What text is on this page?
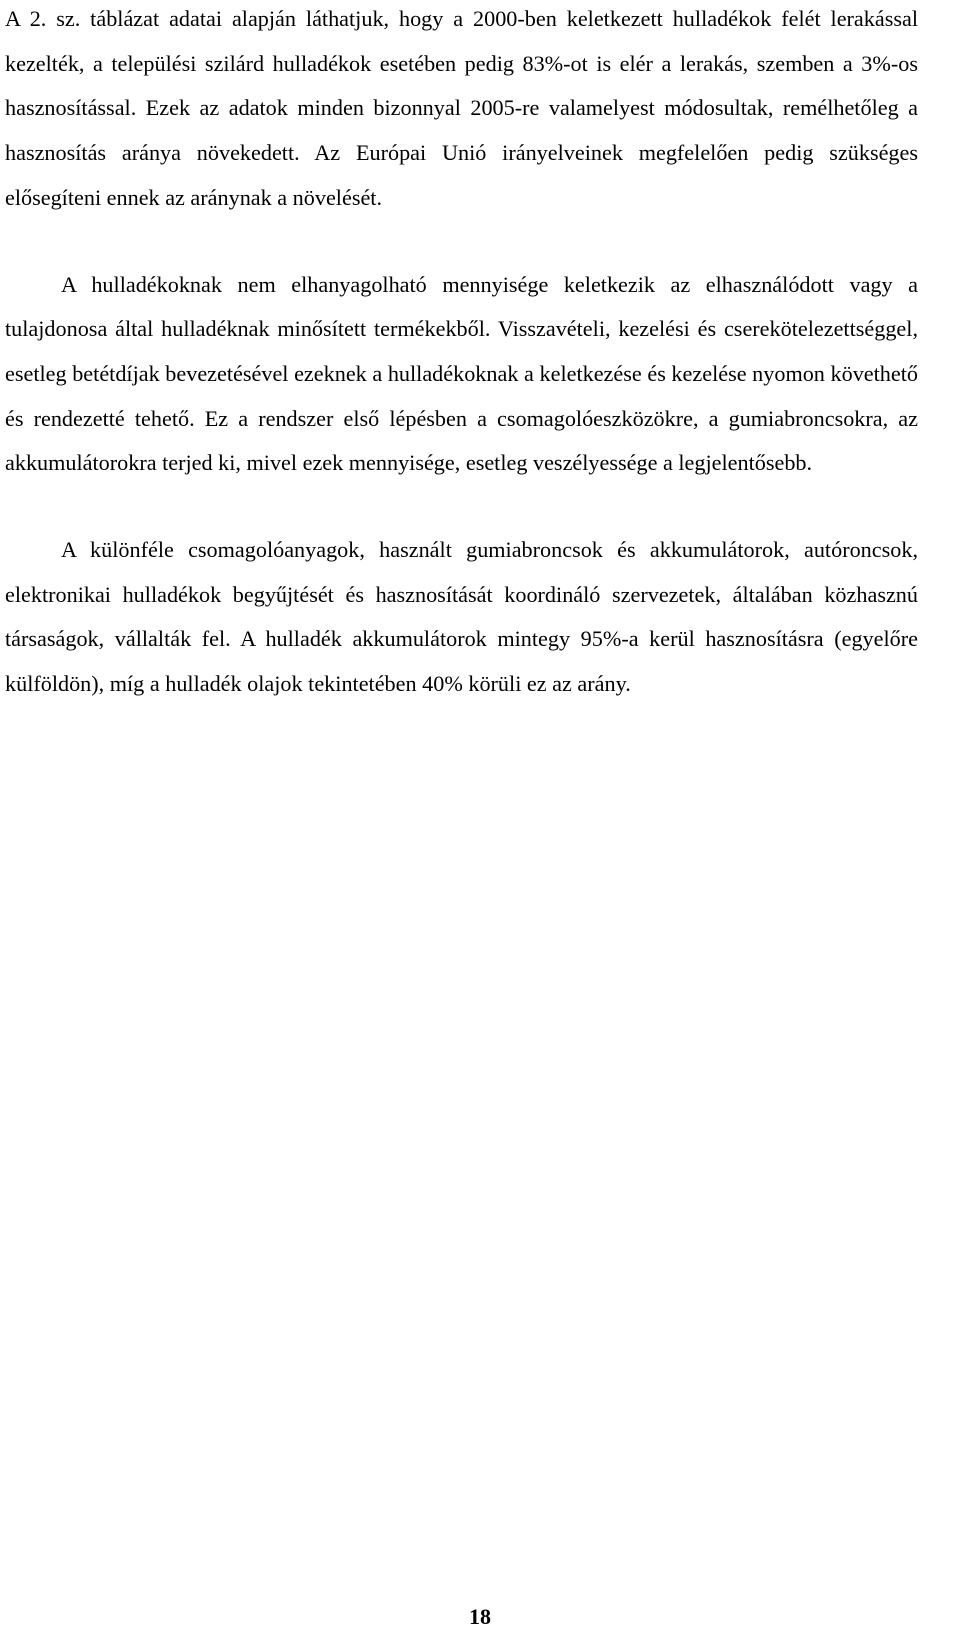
A 2. sz. táblázat adatai alapján láthatjuk, hogy a 2000-ben keletkezett hulladékok felét lerakással kezelték, a települési szilárd hulladékok esetében pedig 83%-ot is elér a lerakás, szemben a 3%-os hasznosítással. Ezek az adatok minden bizonnyal 2005-re valamelyest módosultak, remélhetőleg a hasznosítás aránya növekedett. Az Európai Unió irányelveinek megfelelően pedig szükséges elősegíteni ennek az aránynak a növelését.

A hulladékoknak nem elhanyagolható mennyisége keletkezik az elhasználódott vagy a tulajdonosa által hulladéknak minősített termékekből. Visszavételi, kezelési és cserekötelezettséggel, esetleg betétdíjak bevezetésével ezeknek a hulladékoknak a keletkezése és kezelése nyomon követhető és rendezetté tehető. Ez a rendszer első lépésben a csomagolóeszközökre, a gumiabroncsokra, az akkumulátorokra terjed ki, mivel ezek mennyisége, esetleg veszélyessége a legjelentősebb.

A különféle csomagolóanyagok, használt gumiabroncsok és akkumulátorok, autóroncsok, elektronikai hulladékok begyűjtését és hasznosítását koordináló szervezetek, általában közhasznú társaságok, vállalták fel. A hulladék akkumulátorok mintegy 95%-a kerül hasznosításra (egyelőre külföldön), míg a hulladék olajok tekintetében 40% körüli ez az arány.

18
